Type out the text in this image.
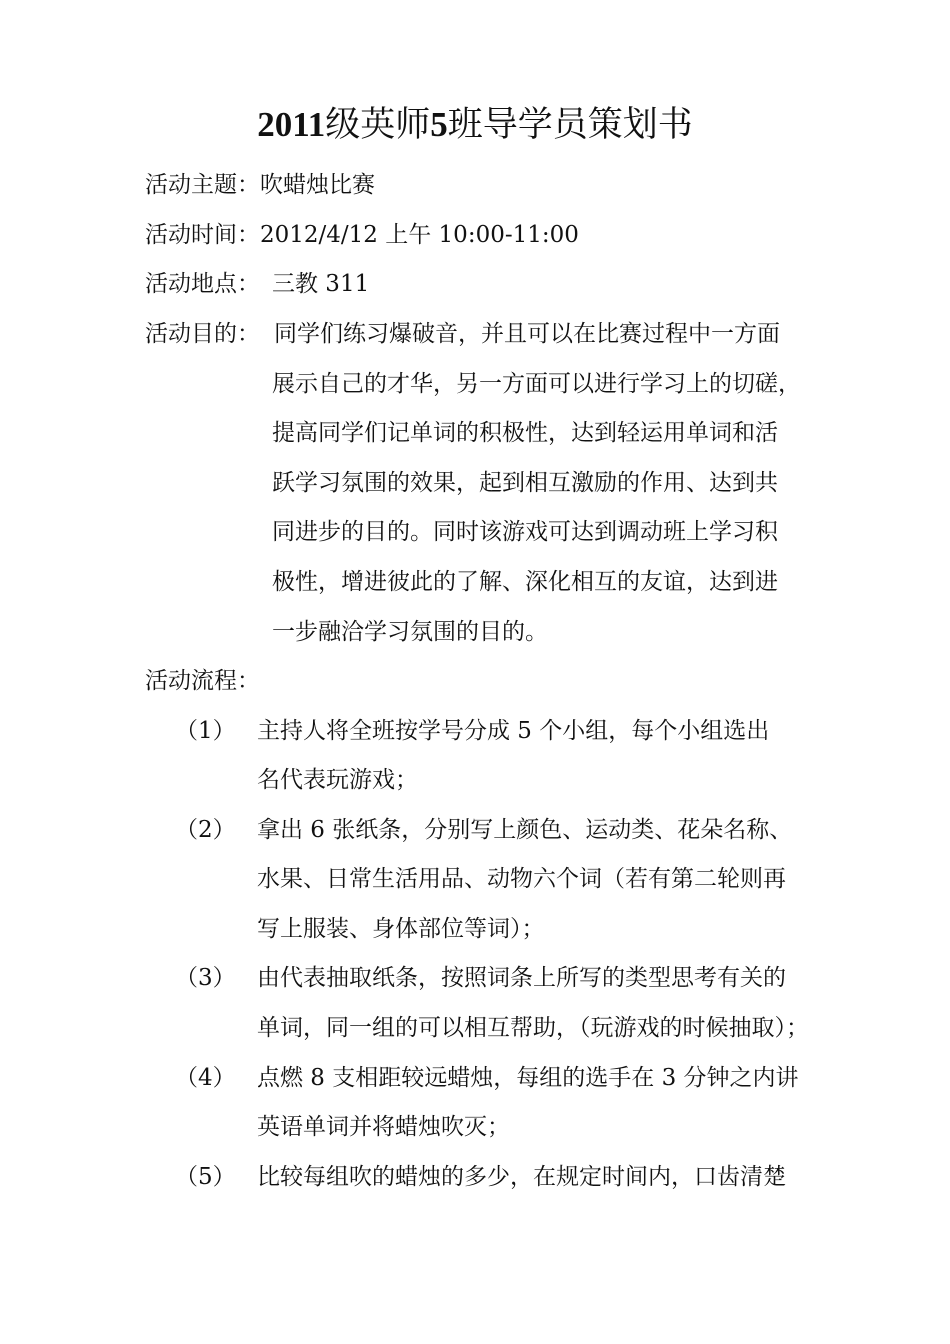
2011级英师5班导学员策划书
活动主题：吹蜡烛比赛
活动时间：2012/4/12 上午 10:00-11:00
活动地点： 三教 311
活动目的： 同学们练习爆破音，并且可以在比赛过程中一方面
展示自己的才华，另一方面可以进行学习上的切磋，
提高同学们记单词的积极性，达到轻运用单词和活
跃学习氛围的效果，起到相互激励的作用、达到共
同进步的目的。同时该游戏可达到调动班上学习积
极性，增进彼此的了解、深化相互的友谊，达到进
一步融洽学习氛围的目的。
活动流程：
（1） 主持人将全班按学号分成 5 个小组，每个小组选出
名代表玩游戏；
（2） 拿出 6 张纸条，分别写上颜色、运动类、花朵名称、
水果、日常生活用品、动物六个词（若有第二轮则再
写上服装、身体部位等词）；
（3） 由代表抽取纸条，按照词条上所写的类型思考有关的
单词，同一组的可以相互帮助，（玩游戏的时候抽取）；
（4） 点燃 8 支相距较远蜡烛，每组的选手在 3 分钟之内讲
英语单词并将蜡烛吹灭；
（5） 比较每组吹的蜡烛的多少，在规定时间内，口齿清楚
